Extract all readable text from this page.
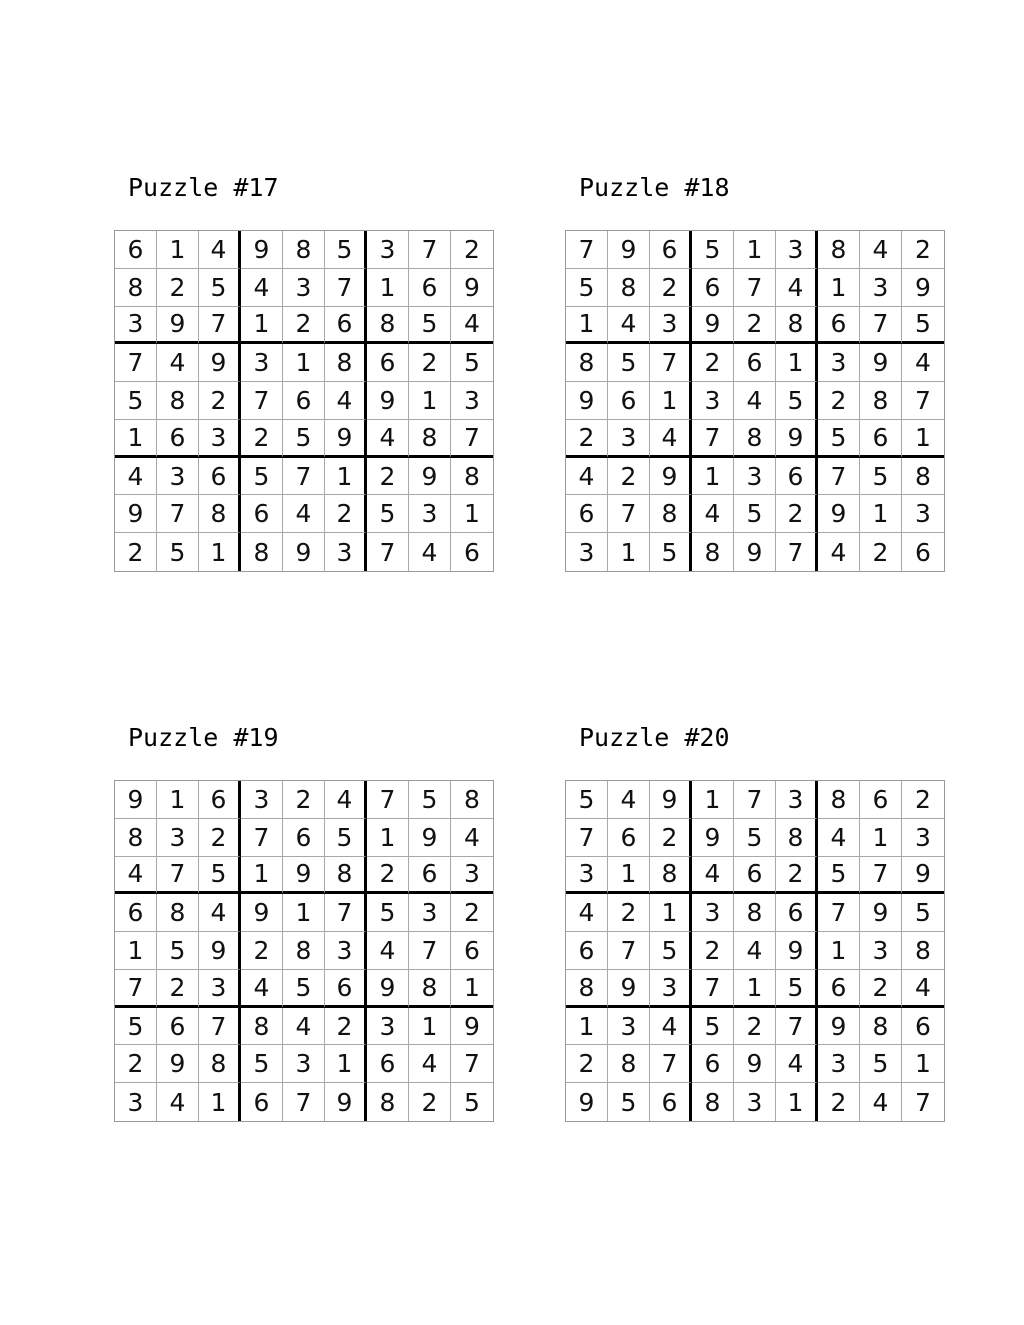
Puzzle #17
6	1	4	9	8	5	3	7	2
8	2	5	4	3	7	1	6	9
3	9	7	1	2	6	8	5	4
7	4	9	3	1	8	6	2	5
5	8	2	7	6	4	9	1	3
1	6	3	2	5	9	4	8	7
4	3	6	5	7	1	2	9	8
9	7	8	6	4	2	5	3	1
2	5	1	8	9	3	7	4	6
Puzzle #18
7	9	6	5	1	3	8	4	2
5	8	2	6	7	4	1	3	9
1	4	3	9	2	8	6	7	5
8	5	7	2	6	1	3	9	4
9	6	1	3	4	5	2	8	7
2	3	4	7	8	9	5	6	1
4	2	9	1	3	6	7	5	8
6	7	8	4	5	2	9	1	3
3	1	5	8	9	7	4	2	6
Puzzle #19
9	1	6	3	2	4	7	5	8
8	3	2	7	6	5	1	9	4
4	7	5	1	9	8	2	6	3
6	8	4	9	1	7	5	3	2
1	5	9	2	8	3	4	7	6
7	2	3	4	5	6	9	8	1
5	6	7	8	4	2	3	1	9
2	9	8	5	3	1	6	4	7
3	4	1	6	7	9	8	2	5
Puzzle #20
5	4	9	1	7	3	8	6	2
7	6	2	9	5	8	4	1	3
3	1	8	4	6	2	5	7	9
4	2	1	3	8	6	7	9	5
6	7	5	2	4	9	1	3	8
8	9	3	7	1	5	6	2	4
1	3	4	5	2	7	9	8	6
2	8	7	6	9	4	3	5	1
9	5	6	8	3	1	2	4	7
